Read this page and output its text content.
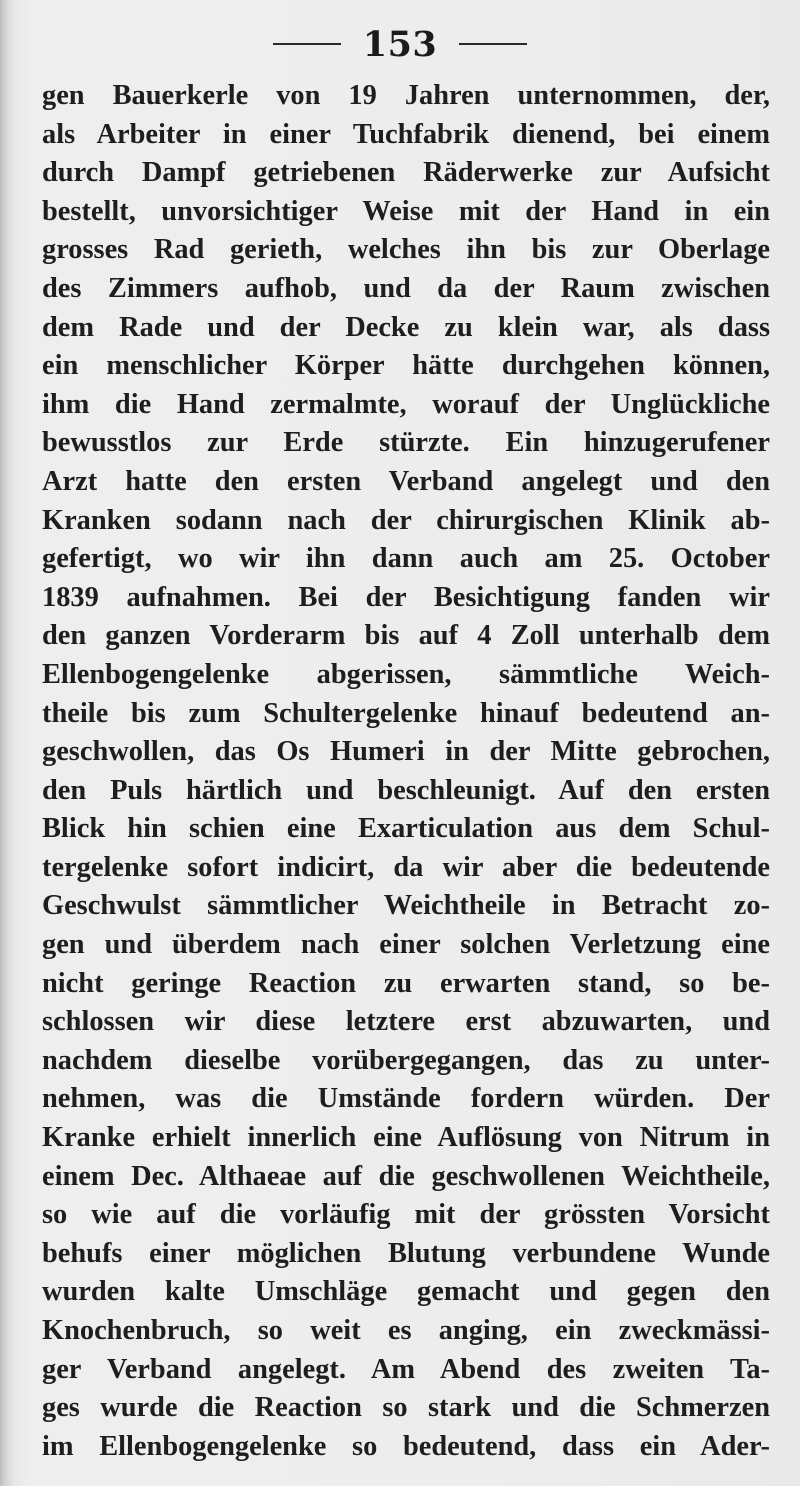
153
gen Bauerkerle von 19 Jahren unternommen, der,
als Arbeiter in einer Tuchfabrik dienend, bei einem
durch Dampf getriebenen Räderwerke zur Aufsicht
bestellt, unvorsichtiger Weise mit der Hand in ein
grosses Rad gerieth, welches ihn bis zur Oberlage
des Zimmers aufhob, und da der Raum zwischen
dem Rade und der Decke zu klein war, als dass
ein menschlicher Körper hätte durchgehen können,
ihm die Hand zermalmte, worauf der Unglückliche
bewusstlos zur Erde stürzte. Ein hinzugerufener
Arzt hatte den ersten Verband angelegt und den
Kranken sodann nach der chirurgischen Klinik ab-
gefertigt, wo wir ihn dann auch am 25. October
1839 aufnahmen. Bei der Besichtigung fanden wir
den ganzen Vorderarm bis auf 4 Zoll unterhalb dem
Ellenbogengelenke abgerissen, sämmtliche Weich-
theile bis zum Schultergelenke hinauf bedeutend an-
geschwollen, das Os Humeri in der Mitte gebrochen,
den Puls härtlich und beschleunigt. Auf den ersten
Blick hin schien eine Exarticulation aus dem Schul-
tergelenke sofort indicirt, da wir aber die bedeutende
Geschwulst sämmtlicher Weichtheile in Betracht zo-
gen und überdem nach einer solchen Verletzung eine
nicht geringe Reaction zu erwarten stand, so be-
schlossen wir diese letztere erst abzuwarten, und
nachdem dieselbe vorübergegangen, das zu unter-
nehmen, was die Umstände fordern würden. Der
Kranke erhielt innerlich eine Auflösung von Nitrum in
einem Dec. Althaeae auf die geschwollenen Weichtheile,
so wie auf die vorläufig mit der grössten Vorsicht
behufs einer möglichen Blutung verbundene Wunde
wurden kalte Umschläge gemacht und gegen den
Knochenbruch, so weit es anging, ein zweckmässi-
ger Verband angelegt. Am Abend des zweiten Ta-
ges wurde die Reaction so stark und die Schmerzen
im Ellenbogengelenke so bedeutend, dass ein Ader-
